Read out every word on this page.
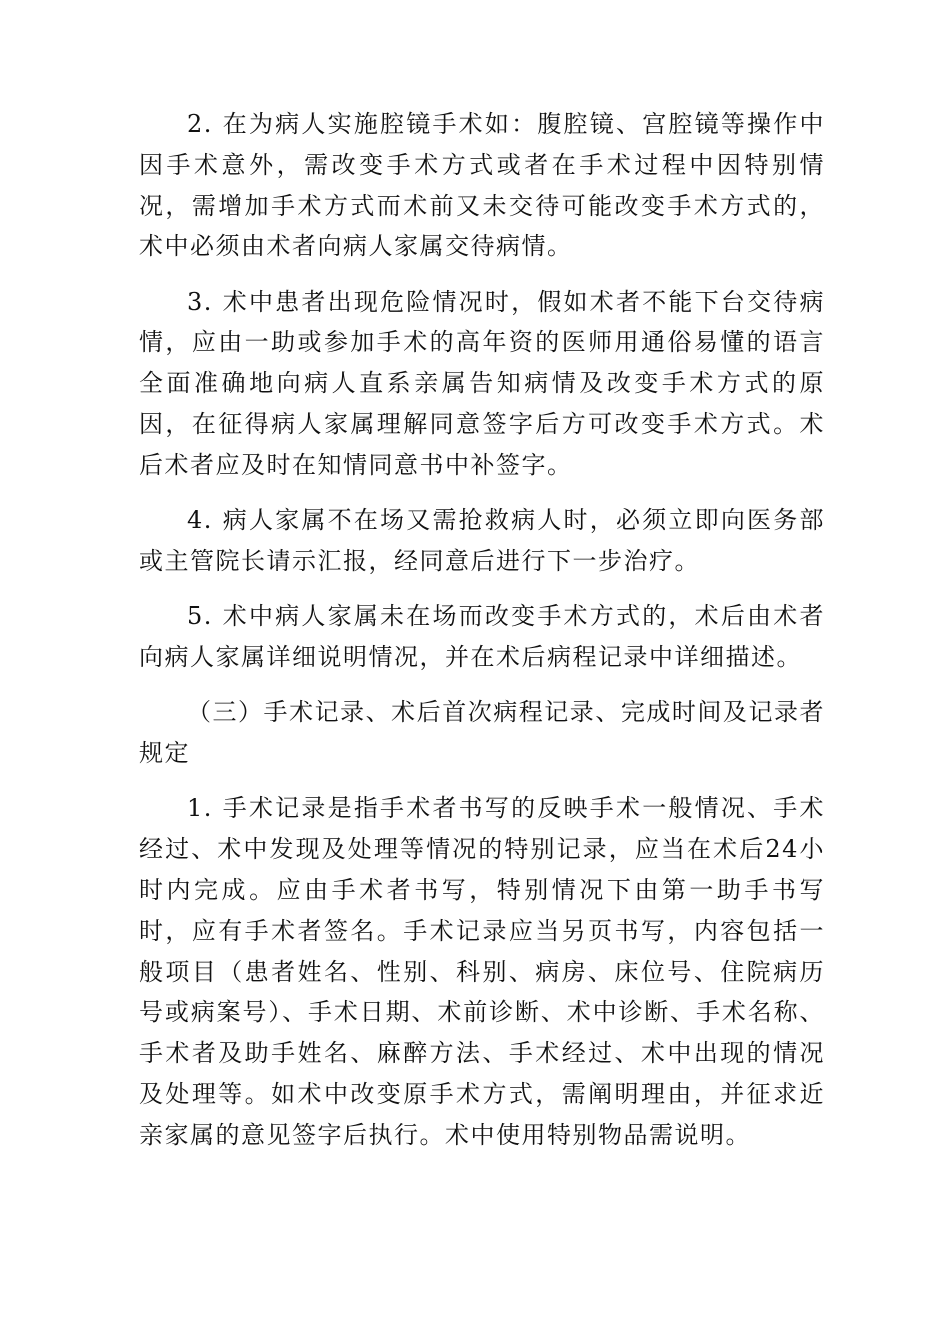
2. 在为病人实施腔镜手术如：腹腔镜、宫腔镜等操作中因手术意外，需改变手术方式或者在手术过程中因特别情况，需增加手术方式而术前又未交待可能改变手术方式的，术中必须由术者向病人家属交待病情。

3. 术中患者出现危险情况时，假如术者不能下台交待病情，应由一助或参加手术的高年资的医师用通俗易懂的语言全面准确地向病人直系亲属告知病情及改变手术方式的原因，在征得病人家属理解同意签字后方可改变手术方式。术后术者应及时在知情同意书中补签字。

4. 病人家属不在场又需抢救病人时，必须立即向医务部或主管院长请示汇报，经同意后进行下一步治疗。

5. 术中病人家属未在场而改变手术方式的，术后由术者向病人家属详细说明情况，并在术后病程记录中详细描述。

（三）手术记录、术后首次病程记录、完成时间及记录者规定

1. 手术记录是指手术者书写的反映手术一般情况、手术经过、术中发现及处理等情况的特别记录，应当在术后24小时内完成。应由手术者书写，特别情况下由第一助手书写时，应有手术者签名。手术记录应当另页书写，内容包括一般项目（患者姓名、性别、科别、病房、床位号、住院病历号或病案号）、手术日期、术前诊断、术中诊断、手术名称、手术者及助手姓名、麻醉方法、手术经过、术中出现的情况及处理等。如术中改变原手术方式，需阐明理由，并征求近亲家属的意见签字后执行。术中使用特别物品需说明。
